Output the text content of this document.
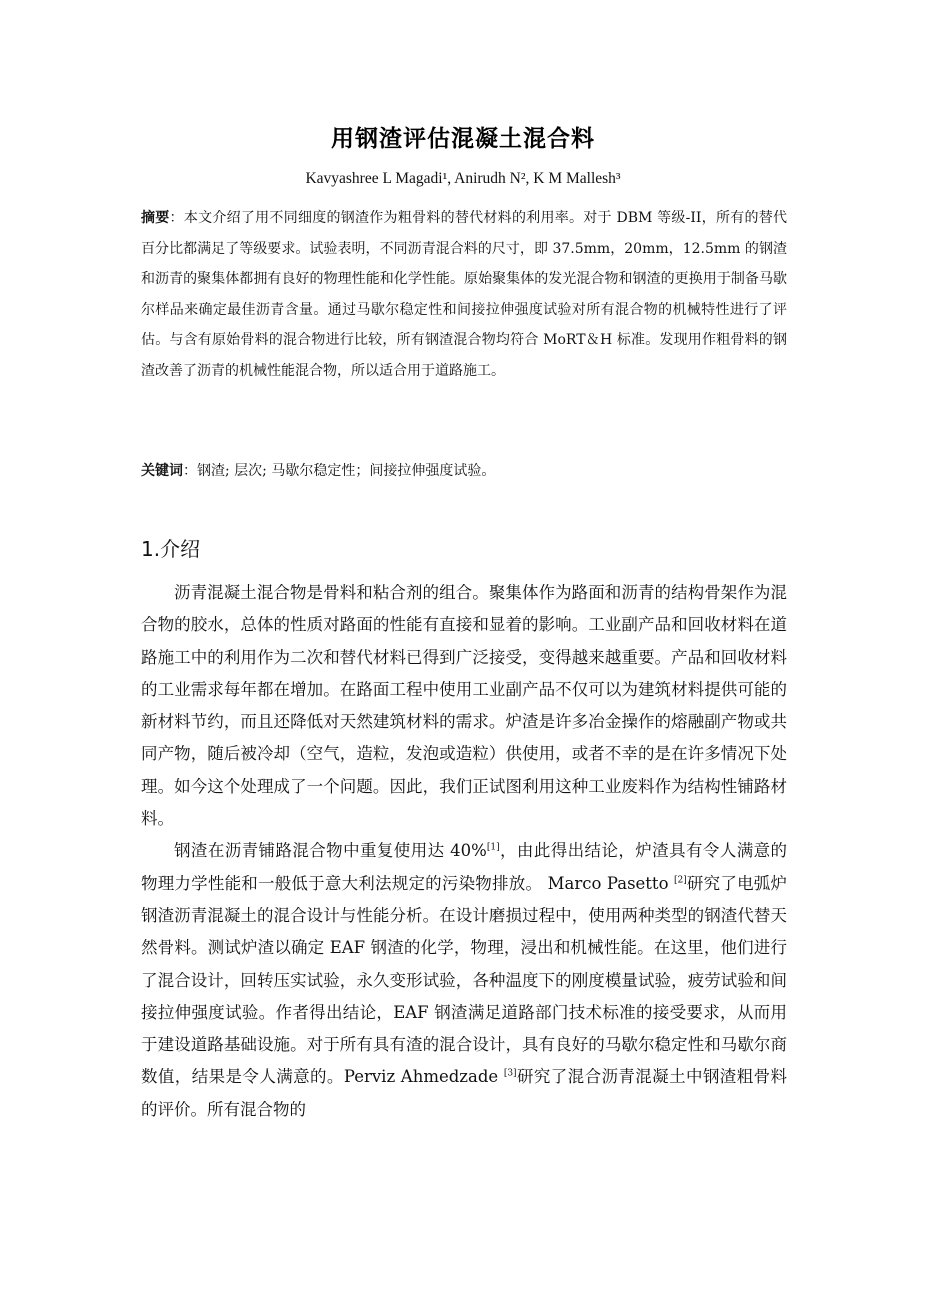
用钢渣评估混凝土混合料
Kavyashree L Magadi¹, Anirudh N², K M Mallesh³

摘要：本文介绍了用不同细度的钢渣作为粗骨料的替代材料的利用率。对于 DBM 等级-II，所有的替代百分比都满足了等级要求。试验表明，不同沥青混合料的尺寸，即 37.5mm，20mm，12.5mm 的钢渣和沥青的聚集体都拥有良好的物理性能和化学性能。原始聚集体的发光混合物和钢渣的更换用于制备马歇尔样品来确定最佳沥青含量。通过马歇尔稳定性和间接拉伸强度试验对所有混合物的机械特性进行了评估。与含有原始骨料的混合物进行比较，所有钢渣混合物均符合 MoRT＆H 标准。发现用作粗骨料的钢渣改善了沥青的机械性能混合物，所以适合用于道路施工。

关键词：钢渣; 层次; 马歇尔稳定性；间接拉伸强度试验。

1.介绍

沥青混凝土混合物是骨料和粘合剂的组合。聚集体作为路面和沥青的结构骨架作为混合物的胶水，总体的性质对路面的性能有直接和显着的影响。工业副产品和回收材料在道路施工中的利用作为二次和替代材料已得到广泛接受，变得越来越重要。产品和回收材料的工业需求每年都在增加。在路面工程中使用工业副产品不仅可以为建筑材料提供可能的新材料节约，而且还降低对天然建筑材料的需求。炉渣是许多冶金操作的熔融副产物或共同产物，随后被冷却（空气，造粒，发泡或造粒）供使用，或者不幸的是在许多情况下处理。如今这个处理成了一个问题。因此，我们正试图利用这种工业废料作为结构性铺路材料。

钢渣在沥青铺路混合物中重复使用达 40%[1]，由此得出结论，炉渣具有令人满意的物理力学性能和一般低于意大利法规定的污染物排放。 Marco Pasetto [2]研究了电弧炉钢渣沥青混凝土的混合设计与性能分析。在设计磨损过程中，使用两种类型的钢渣代替天然骨料。测试炉渣以确定 EAF 钢渣的化学，物理，浸出和机械性能。在这里，他们进行了混合设计，回转压实试验，永久变形试验，各种温度下的刚度模量试验，疲劳试验和间接拉伸强度试验。作者得出结论，EAF 钢渣满足道路部门技术标准的接受要求，从而用于建设道路基础设施。对于所有具有渣的混合设计，具有良好的马歇尔稳定性和马歇尔商数值，结果是令人满意的。Perviz Ahmedzade [3]研究了混合沥青混凝土中钢渣粗骨料的评价。所有混合物的
